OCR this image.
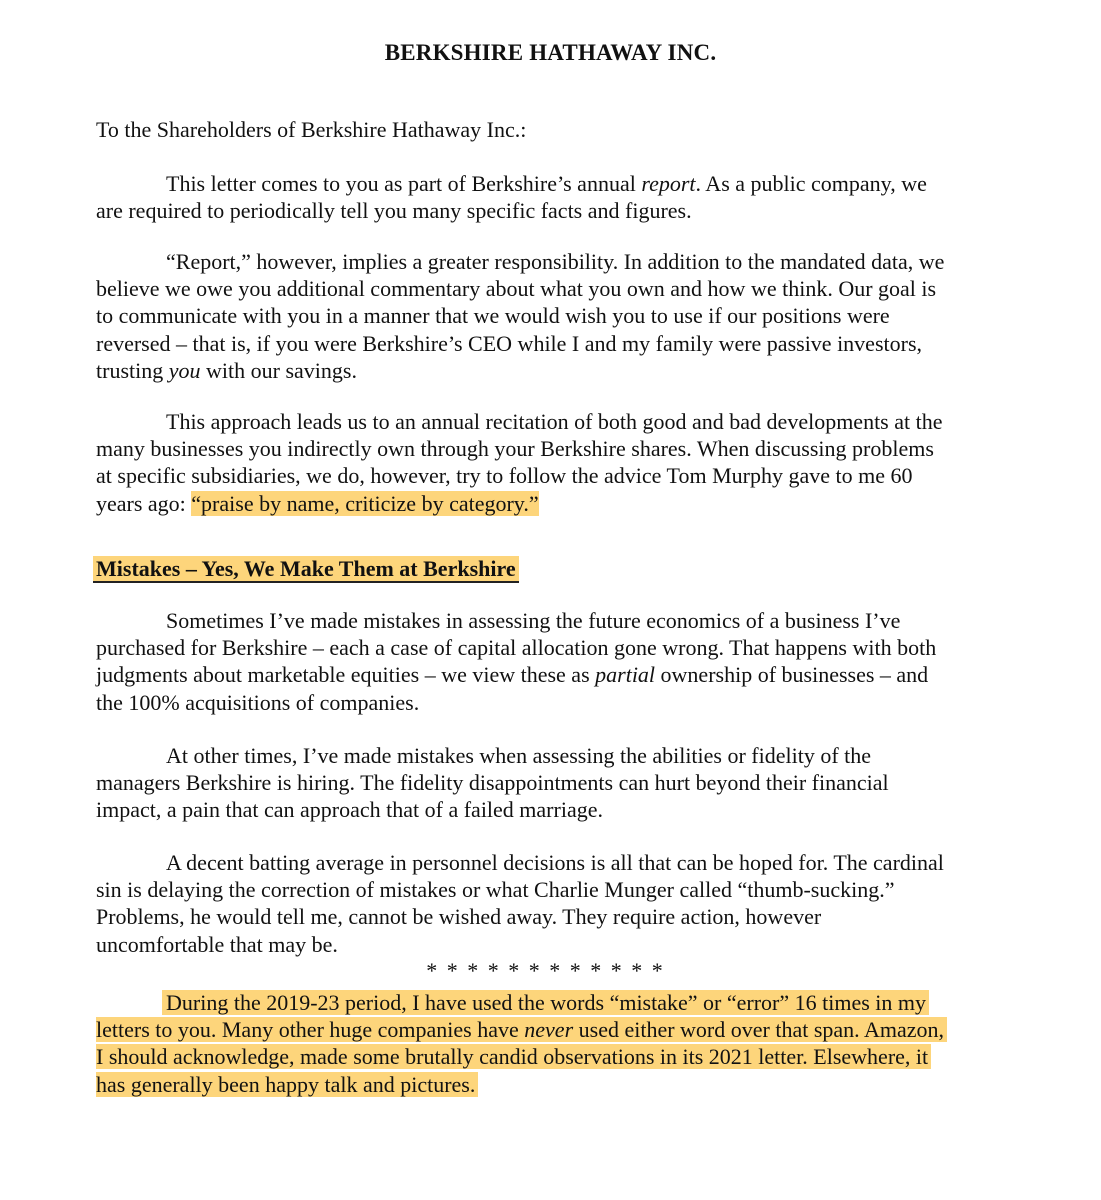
BERKSHIRE HATHAWAY INC.
To the Shareholders of Berkshire Hathaway Inc.:
This letter comes to you as part of Berkshire’s annual report. As a public company, we
are required to periodically tell you many specific facts and figures.
“Report,” however, implies a greater responsibility. In addition to the mandated data, we
believe we owe you additional commentary about what you own and how we think. Our goal is
to communicate with you in a manner that we would wish you to use if our positions were
reversed – that is, if you were Berkshire’s CEO while I and my family were passive investors,
trusting you with our savings.
This approach leads us to an annual recitation of both good and bad developments at the
many businesses you indirectly own through your Berkshire shares. When discussing problems
at specific subsidiaries, we do, however, try to follow the advice Tom Murphy gave to me 60
years ago: “praise by name, criticize by category.”
Mistakes – Yes, We Make Them at Berkshire
Sometimes I’ve made mistakes in assessing the future economics of a business I’ve
purchased for Berkshire – each a case of capital allocation gone wrong. That happens with both
judgments about marketable equities – we view these as partial ownership of businesses – and
the 100% acquisitions of companies.
At other times, I’ve made mistakes when assessing the abilities or fidelity of the
managers Berkshire is hiring. The fidelity disappointments can hurt beyond their financial
impact, a pain that can approach that of a failed marriage.
A decent batting average in personnel decisions is all that can be hoped for. The cardinal
sin is delaying the correction of mistakes or what Charlie Munger called “thumb-sucking.”
Problems, he would tell me, cannot be wished away. They require action, however
uncomfortable that may be.
* * * * * * * * * * * *
During the 2019-23 period, I have used the words “mistake” or “error” 16 times in my
letters to you. Many other huge companies have never used either word over that span. Amazon,
I should acknowledge, made some brutally candid observations in its 2021 letter. Elsewhere, it
has generally been happy talk and pictures.
